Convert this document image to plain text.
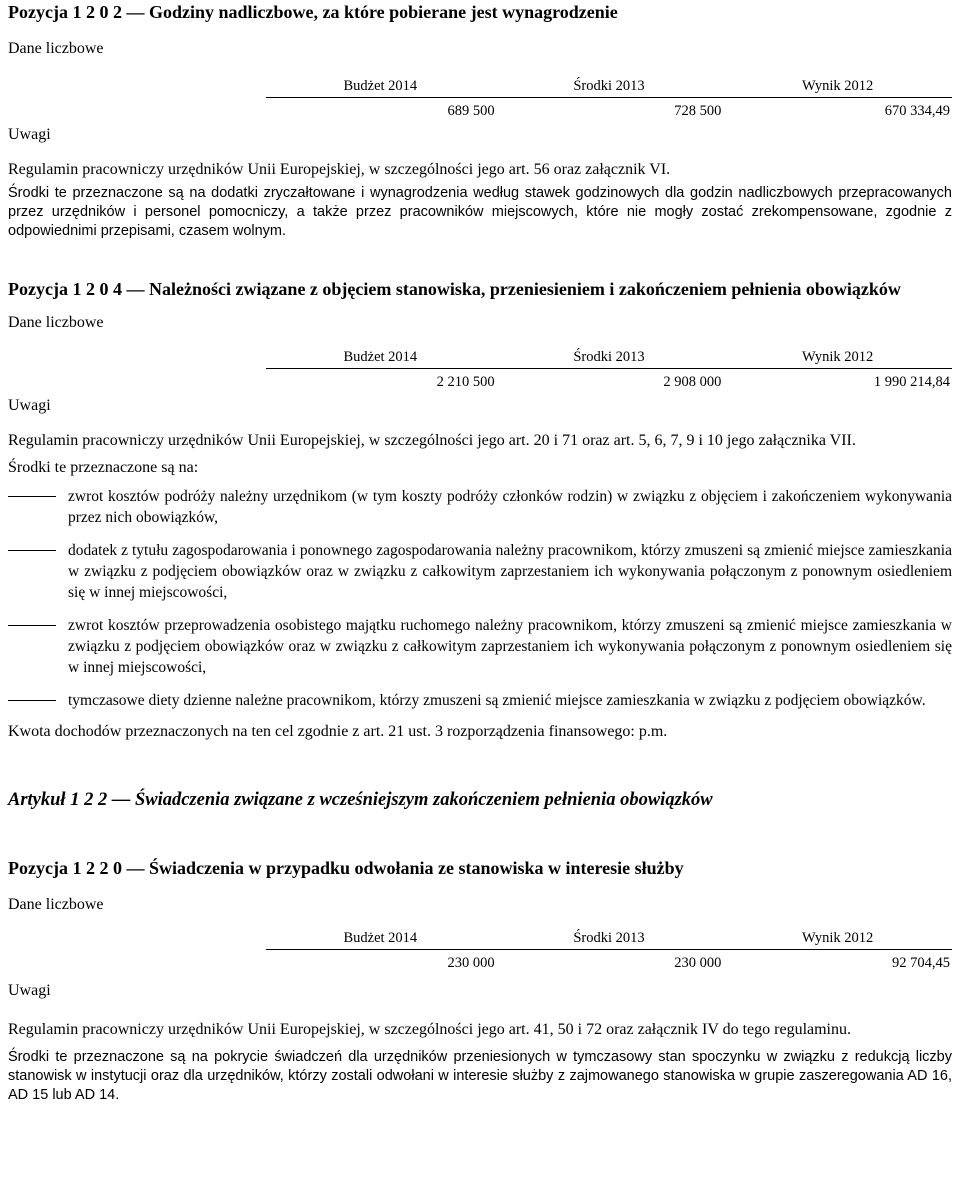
Pozycja 1 2 0 2 — Godziny nadliczbowe, za które pobierane jest wynagrodzenie
Dane liczbowe
Budżet 2014	Środki 2013	Wynik 2012
689 500	728 500	670 334,49
Uwagi

Regulamin pracowniczy urzędników Unii Europejskiej, w szczególności jego art. 56 oraz załącznik VI.

Środki te przeznaczone są na dodatki zryczałtowane i wynagrodzenia według stawek godzinowych dla godzin nadliczbowych przepracowanych przez urzędników i personel pomocniczy, a także przez pracowników miejscowych, które nie mogły zostać zrekompensowane, zgodnie z odpowiednimi przepisami, czasem wolnym.

Pozycja 1 2 0 4 — Należności związane z objęciem stanowiska, przeniesieniem i zakończeniem pełnienia obowiązków
Dane liczbowe
Budżet 2014	Środki 2013	Wynik 2012
2 210 500	2 908 000	1 990 214,84
Uwagi

Regulamin pracowniczy urzędników Unii Europejskiej, w szczególności jego art. 20 i 71 oraz art. 5, 6, 7, 9 i 10 jego załącznika VII.

Środki te przeznaczone są na:

zwrot kosztów podróży należny urzędnikom (w tym koszty podróży członków rodzin) w związku z objęciem i zakończeniem wykonywania przez nich obowiązków,
dodatek z tytułu zagospodarowania i ponownego zagospodarowania należny pracownikom, którzy zmuszeni są zmienić miejsce zamieszkania w związku z podjęciem obowiązków oraz w związku z całkowitym zaprzestaniem ich wykonywania połączonym z ponownym osiedleniem się w innej miejscowości,
zwrot kosztów przeprowadzenia osobistego majątku ruchomego należny pracownikom, którzy zmuszeni są zmienić miejsce zamieszkania w związku z podjęciem obowiązków oraz w związku z całkowitym zaprzestaniem ich wykonywania połączonym z ponownym osiedleniem się w innej miejscowości,
tymczasowe diety dzienne należne pracownikom, którzy zmuszeni są zmienić miejsce zamieszkania w związku z podjęciem obowiązków.

Kwota dochodów przeznaczonych na ten cel zgodnie z art. 21 ust. 3 rozporządzenia finansowego: p.m.

Artykuł 1 2 2 — Świadczenia związane z wcześniejszym zakończeniem pełnienia obowiązków
Pozycja 1 2 2 0 — Świadczenia w przypadku odwołania ze stanowiska w interesie służby
Dane liczbowe
Budżet 2014	Środki 2013	Wynik 2012
230 000	230 000	92 704,45
Uwagi

Regulamin pracowniczy urzędników Unii Europejskiej, w szczególności jego art. 41, 50 i 72 oraz załącznik IV do tego regulaminu.

Środki te przeznaczone są na pokrycie świadczeń dla urzędników przeniesionych w tymczasowy stan spoczynku w związku z redukcją liczby stanowisk w instytucji oraz dla urzędników, którzy zostali odwołani w interesie służby z zajmowanego stanowiska w grupie zaszeregowania AD 16, AD 15 lub AD 14.
